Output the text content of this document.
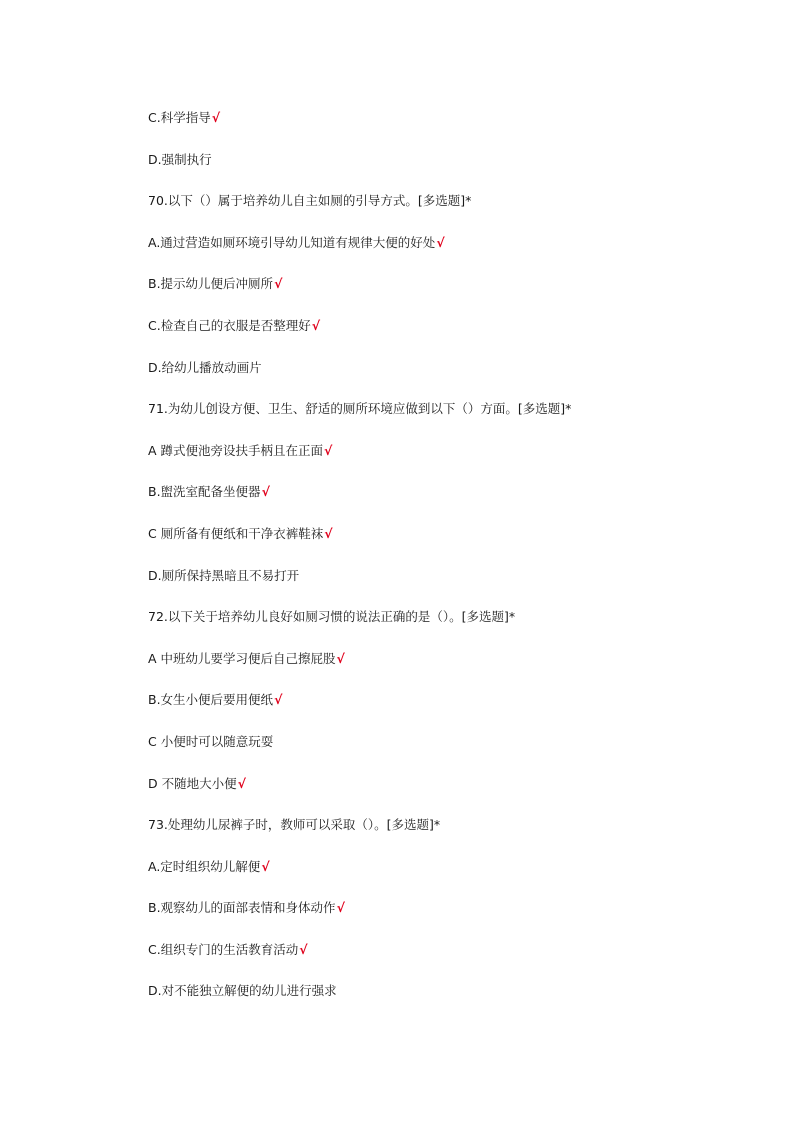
C.科学指导√
D.强制执行
70.以下（）属于培养幼儿自主如厕的引导方式。[多选题]*
A.通过营造如厕环境引导幼儿知道有规律大便的好处√
B.提示幼儿便后冲厕所√
C.检查自己的衣服是否整理好√
D.给幼儿播放动画片
71.为幼儿创设方便、卫生、舒适的厕所环境应做到以下（）方面。[多选题]*
A 蹲式便池旁设扶手柄且在正面√
B.盥洗室配备坐便器√
C 厕所备有便纸和干净衣裤鞋袜√
D.厕所保持黑暗且不易打开
72.以下关于培养幼儿良好如厕习惯的说法正确的是（）。[多选题]*
A 中班幼儿要学习便后自己擦屁股√
B.女生小便后要用便纸√
C 小便时可以随意玩耍
D 不随地大小便√
73.处理幼儿尿裤子时，教师可以采取（）。[多选题]*
A.定时组织幼儿解便√
B.观察幼儿的面部表情和身体动作√
C.组织专门的生活教育活动√
D.对不能独立解便的幼儿进行强求
